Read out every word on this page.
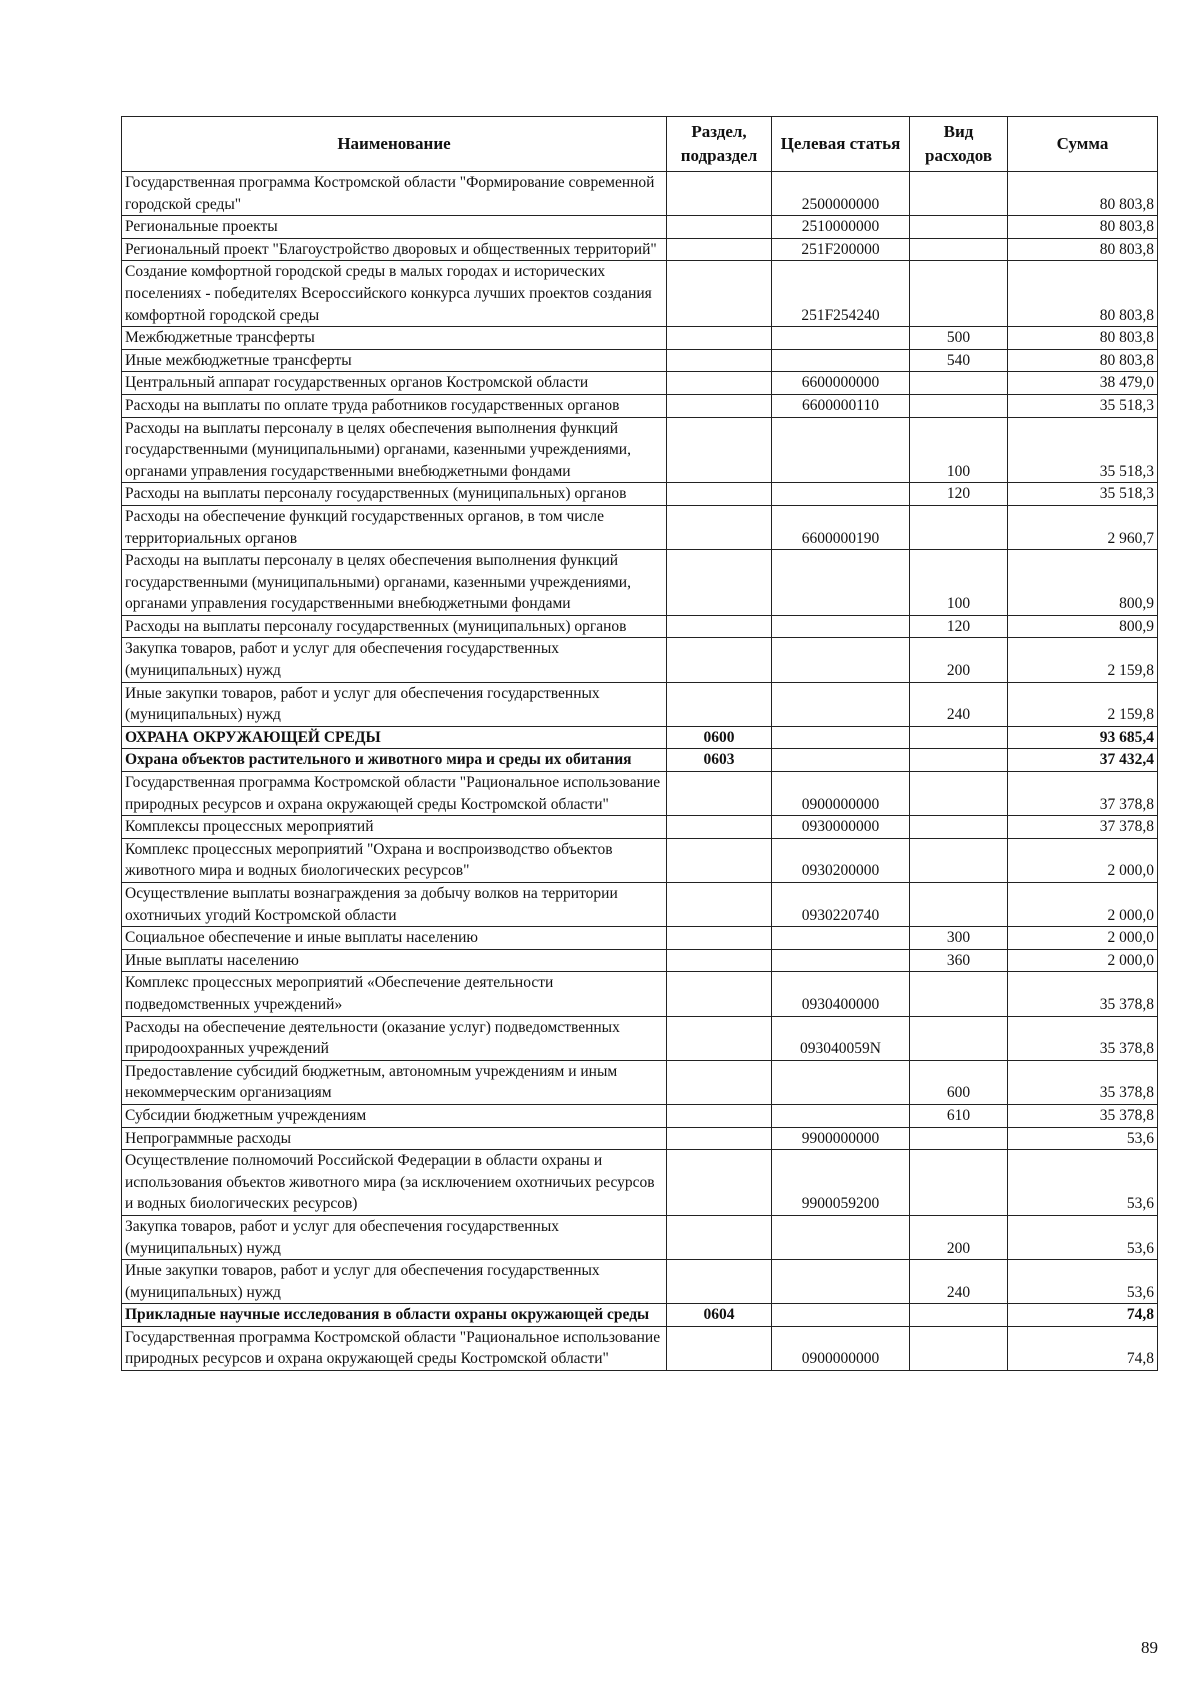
Наименование	Раздел, подраздел	Целевая статья	Вид расходов	Сумма
Государственная программа Костромской области "Формирование современной городской среды"		2500000000		80 803,8
Региональные проекты		2510000000		80 803,8
Региональный проект "Благоустройство дворовых и общественных территорий"		251F200000		80 803,8
Создание комфортной городской среды в малых городах и исторических поселениях - победителях Всероссийского конкурса лучших проектов создания комфортной городской среды		251F254240		80 803,8
Межбюджетные трансферты			500	80 803,8
Иные межбюджетные трансферты			540	80 803,8
Центральный аппарат государственных органов Костромской области		6600000000		38 479,0
Расходы на выплаты по оплате труда работников государственных органов		6600000110		35 518,3
Расходы на выплаты персоналу в целях обеспечения выполнения функций государственными (муниципальными) органами, казенными учреждениями, органами управления государственными внебюджетными фондами			100	35 518,3
Расходы на выплаты персоналу государственных (муниципальных) органов			120	35 518,3
Расходы на обеспечение функций государственных органов, в том числе территориальных органов		6600000190		2 960,7
Расходы на выплаты персоналу в целях обеспечения выполнения функций государственными (муниципальными) органами, казенными учреждениями, органами управления государственными внебюджетными фондами			100	800,9
Расходы на выплаты персоналу государственных (муниципальных) органов			120	800,9
Закупка товаров, работ и услуг для обеспечения государственных (муниципальных) нужд			200	2 159,8
Иные закупки товаров, работ и услуг для обеспечения государственных (муниципальных) нужд			240	2 159,8
ОХРАНА ОКРУЖАЮЩЕЙ СРЕДЫ	0600			93 685,4
Охрана объектов растительного и животного мира и среды их обитания	0603			37 432,4
Государственная программа Костромской области "Рациональное использование природных ресурсов и охрана окружающей среды Костромской области"		0900000000		37 378,8
Комплексы процессных мероприятий		0930000000		37 378,8
Комплекс процессных мероприятий "Охрана и воспроизводство объектов животного мира и водных биологических ресурсов"		0930200000		2 000,0
Осуществление выплаты вознаграждения за добычу волков на территории охотничьих угодий Костромской области		0930220740		2 000,0
Социальное обеспечение и иные выплаты населению			300	2 000,0
Иные выплаты населению			360	2 000,0
Комплекс процессных мероприятий «Обеспечение деятельности подведомственных учреждений»		0930400000		35 378,8
Расходы на обеспечение деятельности (оказание услуг) подведомственных природоохранных учреждений		093040059N		35 378,8
Предоставление субсидий бюджетным, автономным учреждениям и иным некоммерческим организациям			600	35 378,8
Субсидии бюджетным учреждениям			610	35 378,8
Непрограммные расходы		9900000000		53,6
Осуществление полномочий Российской Федерации в области охраны и использования объектов животного мира (за исключением охотничьих ресурсов и водных биологических ресурсов)		9900059200		53,6
Закупка товаров, работ и услуг для обеспечения государственных (муниципальных) нужд			200	53,6
Иные закупки товаров, работ и услуг для обеспечения государственных (муниципальных) нужд			240	53,6
Прикладные научные исследования в области охраны окружающей среды	0604			74,8
Государственная программа Костромской области "Рациональное использование природных ресурсов и охрана окружающей среды Костромской области"		0900000000		74,8
89
